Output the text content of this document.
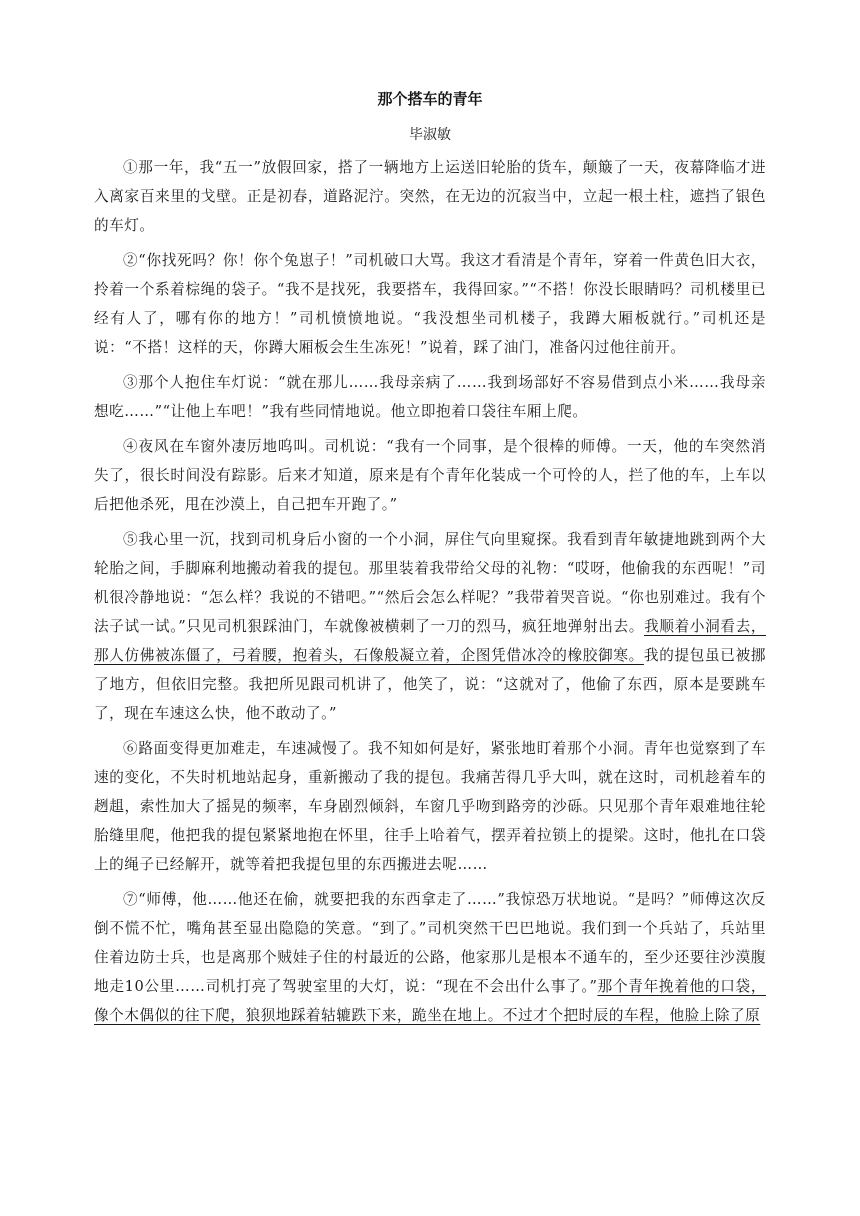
那个搭车的青年
毕淑敏

①那一年，我“五一”放假回家，搭了一辆地方上运送旧轮胎的货车，颠簸了一天，夜幕降临才进入离家百来里的戈壁。正是初春，道路泥泞。突然，在无边的沉寂当中，立起一根土柱，遮挡了银色的车灯。

②“你找死吗？你！你个兔崽子！”司机破口大骂。我这才看清是个青年，穿着一件黄色旧大衣，拎着一个系着棕绳的袋子。“我不是找死，我要搭车，我得回家。”“不搭！你没长眼睛吗？司机楼里已经有人了，哪有你的地方！”司机愤愤地说。“我没想坐司机楼子，我蹲大厢板就行。”司机还是说：“不搭！这样的天，你蹲大厢板会生生冻死！”说着，踩了油门，准备闪过他往前开。

③那个人抱住车灯说：“就在那儿……我母亲病了……我到场部好不容易借到点小米……我母亲想吃……”“让他上车吧！”我有些同情地说。他立即抱着口袋往车厢上爬。

④夜风在车窗外凄厉地呜叫。司机说：“我有一个同事，是个很棒的师傅。一天，他的车突然消失了，很长时间没有踪影。后来才知道，原来是有个青年化装成一个可怜的人，拦了他的车，上车以后把他杀死，甩在沙漠上，自己把车开跑了。”

⑤我心里一沉，找到司机身后小窗的一个小洞，屏住气向里窥探。我看到青年敏捷地跳到两个大轮胎之间，手脚麻利地搬动着我的提包。那里装着我带给父母的礼物：“哎呀，他偷我的东西呢！”司机很冷静地说：“怎么样？我说的不错吧。”“然后会怎么样呢？”我带着哭音说。“你也别难过。我有个法子试一试。”只见司机狠踩油门，车就像被横刺了一刀的烈马，疯狂地弹射出去。我顺着小洞看去，那人仿佛被冻僵了，弓着腰，抱着头，石像般凝立着，企图凭借冰冷的橡胶御寒。我的提包虽已被挪了地方，但依旧完整。我把所见跟司机讲了，他笑了，说：“这就对了，他偷了东西，原本是要跳车了，现在车速这么快，他不敢动了。”

⑥路面变得更加难走，车速减慢了。我不知如何是好，紧张地盯着那个小洞。青年也觉察到了车速的变化，不失时机地站起身，重新搬动了我的提包。我痛苦得几乎大叫，就在这时，司机趁着车的趔趄，索性加大了摇晃的频率，车身剧烈倾斜，车窗几乎吻到路旁的沙砾。只见那个青年艰难地往轮胎缝里爬，他把我的提包紧紧地抱在怀里，往手上哈着气，摆弄着拉锁上的提梁。这时，他扎在口袋上的绳子已经解开，就等着把我提包里的东西搬进去呢……

⑦“师傅，他……他还在偷，就要把我的东西拿走了……”我惊恐万状地说。“是吗？”师傅这次反倒不慌不忙，嘴角甚至显出隐隐的笑意。“到了。”司机突然干巴巴地说。我们到一个兵站了，兵站里住着边防士兵，也是离那个贼娃子住的村最近的公路，他家那儿是根本不通车的，至少还要往沙漠腹地走10公里……司机打亮了驾驶室里的大灯，说：“现在不会出什么事了。”那个青年挽着他的口袋，像个木偶似的往下爬，狼狈地踩着轱辘跌下来，跪坐在地上。不过才个把时辰的车程，他脸上除了原
